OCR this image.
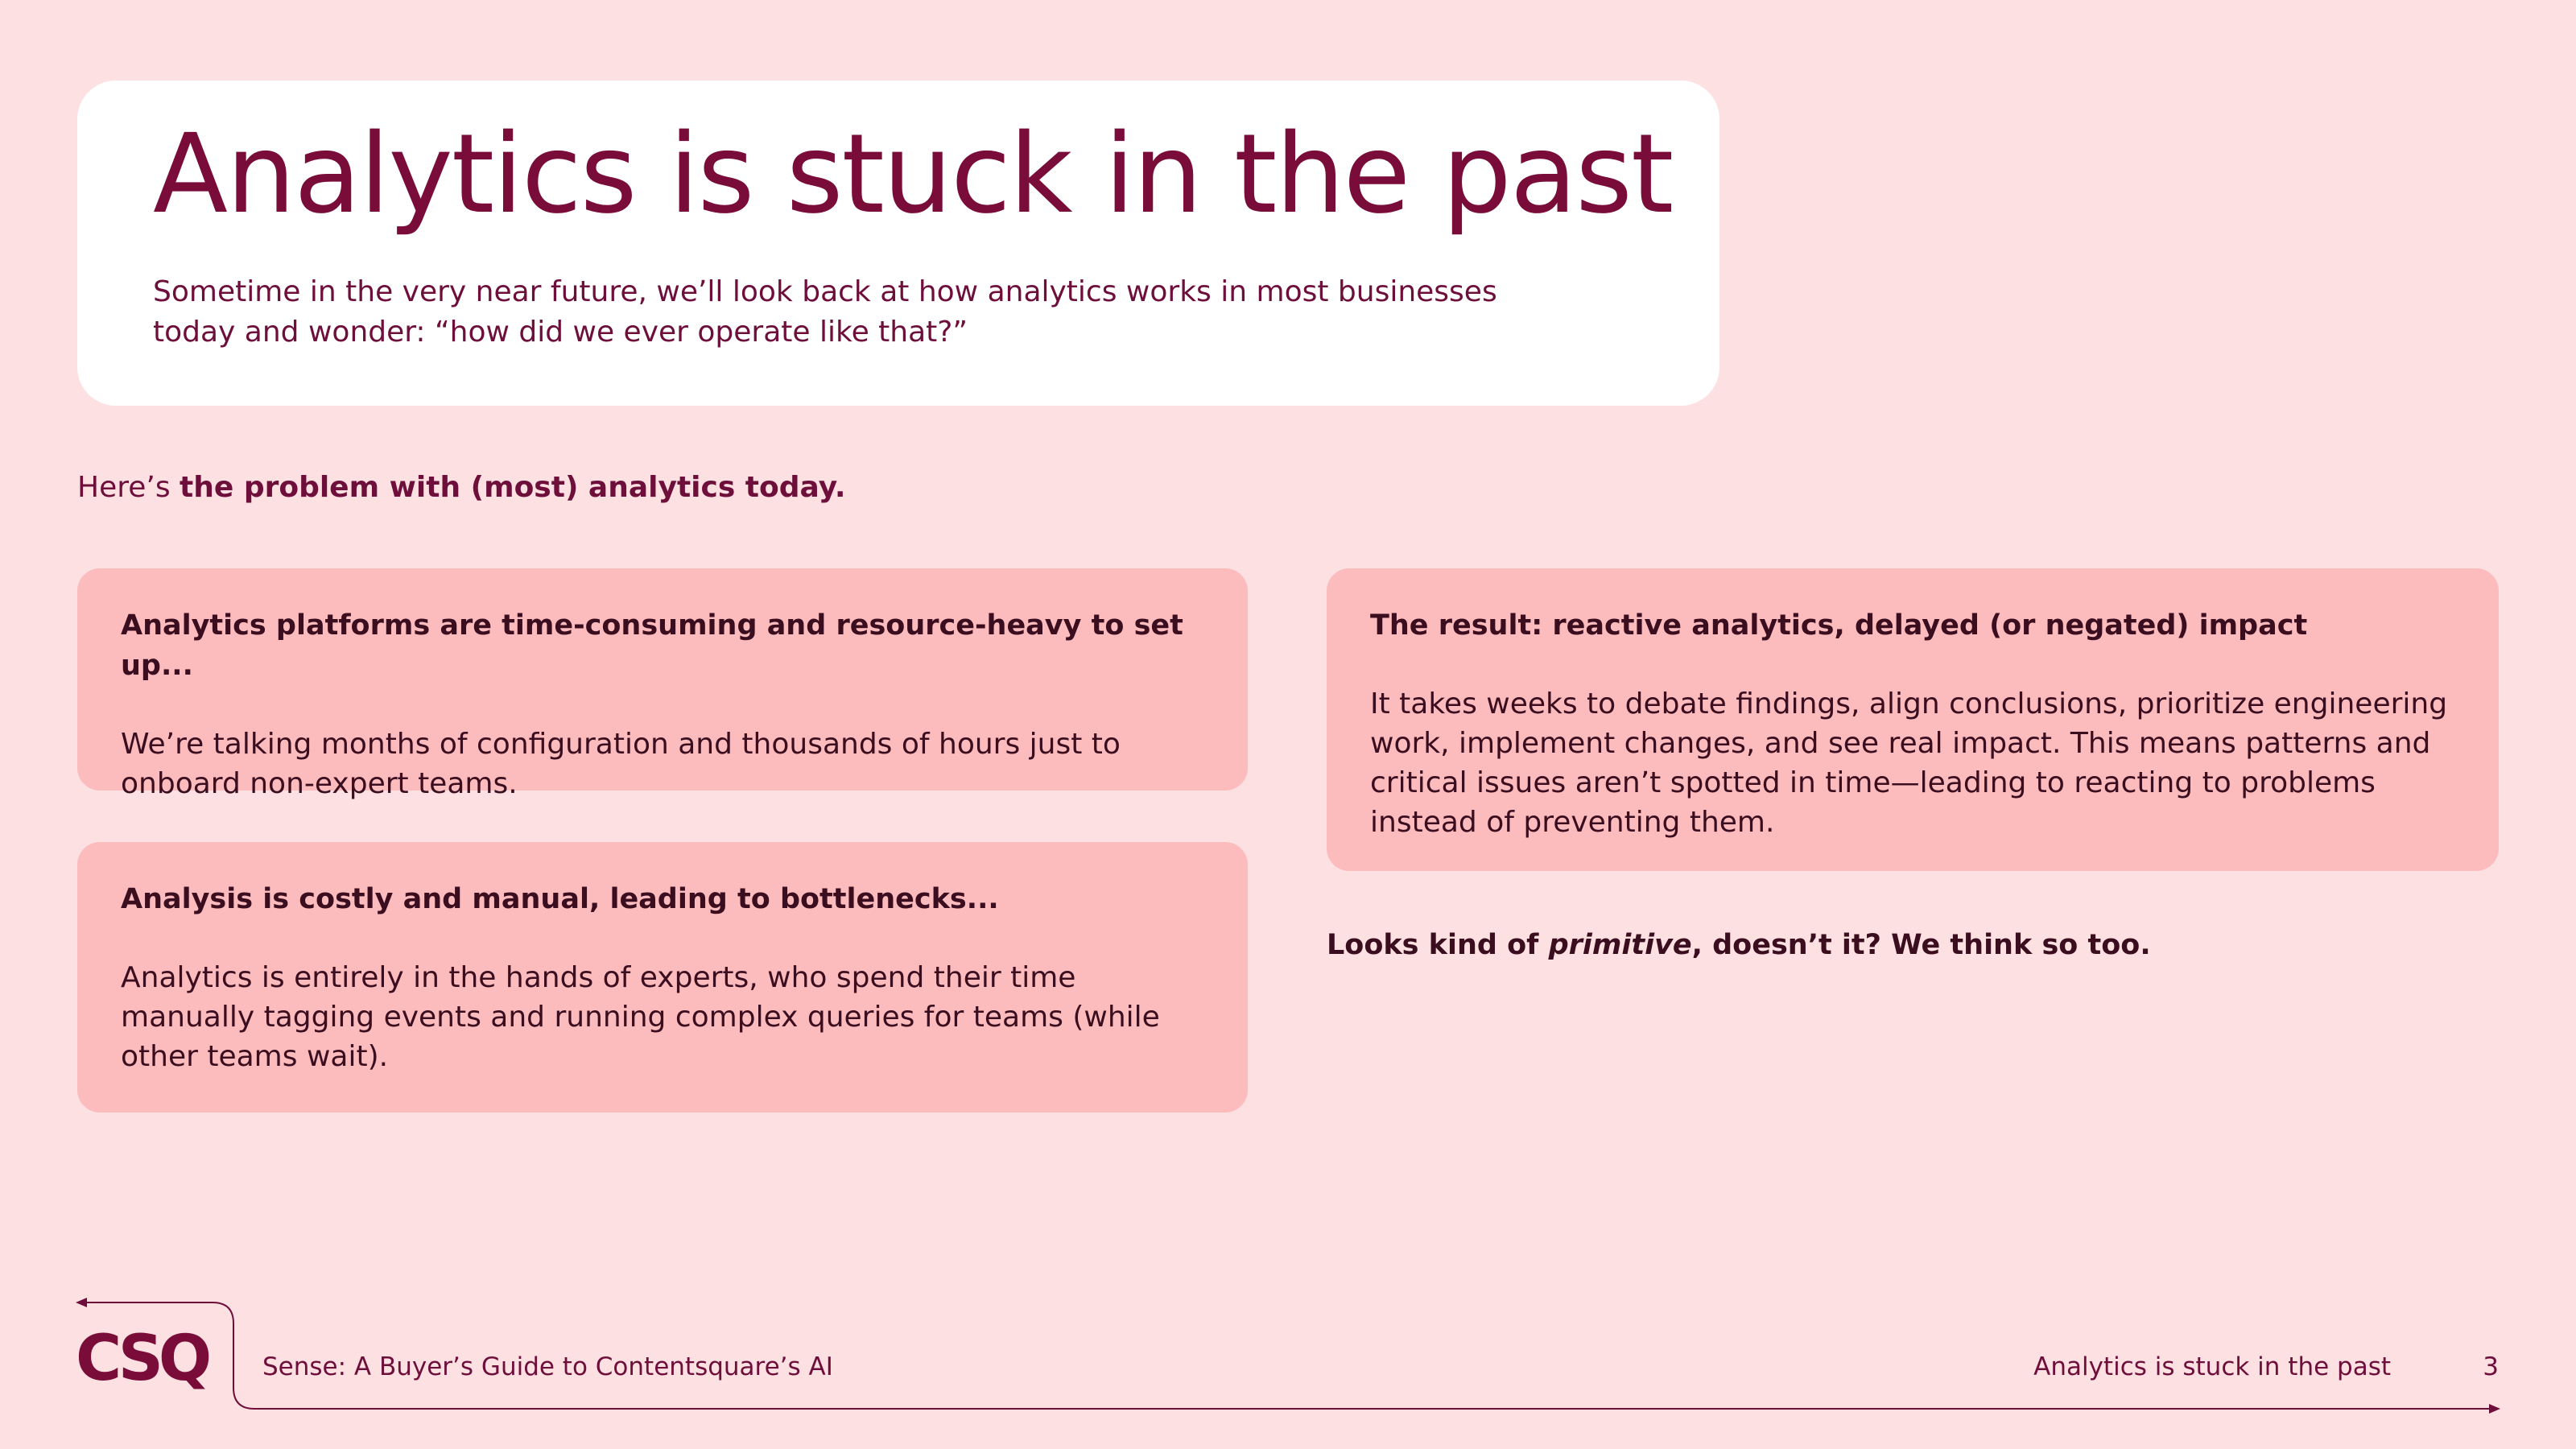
Analytics is stuck in the past

Sometime in the very near future, we’ll look back at how analytics works in most businesses today and wonder: “how did we ever operate like that?”

Here’s the problem with (most) analytics today.

Analytics platforms are time-consuming and resource-heavy to set up...

We’re talking months of configuration and thousands of hours just to onboard non-expert teams.

Analysis is costly and manual, leading to bottlenecks...

Analytics is entirely in the hands of experts, who spend their time manually tagging events and running complex queries for teams (while other teams wait).

The result: reactive analytics, delayed (or negated) impact

It takes weeks to debate findings, align conclusions, prioritize engineering work, implement changes, and see real impact. This means patterns and critical issues aren’t spotted in time—leading to reacting to problems instead of preventing them.

Looks kind of primitive, doesn’t it? We think so too.

CSQ Sense: A Buyer’s Guide to Contentsquare’s AI	Analytics is stuck in the past	3
